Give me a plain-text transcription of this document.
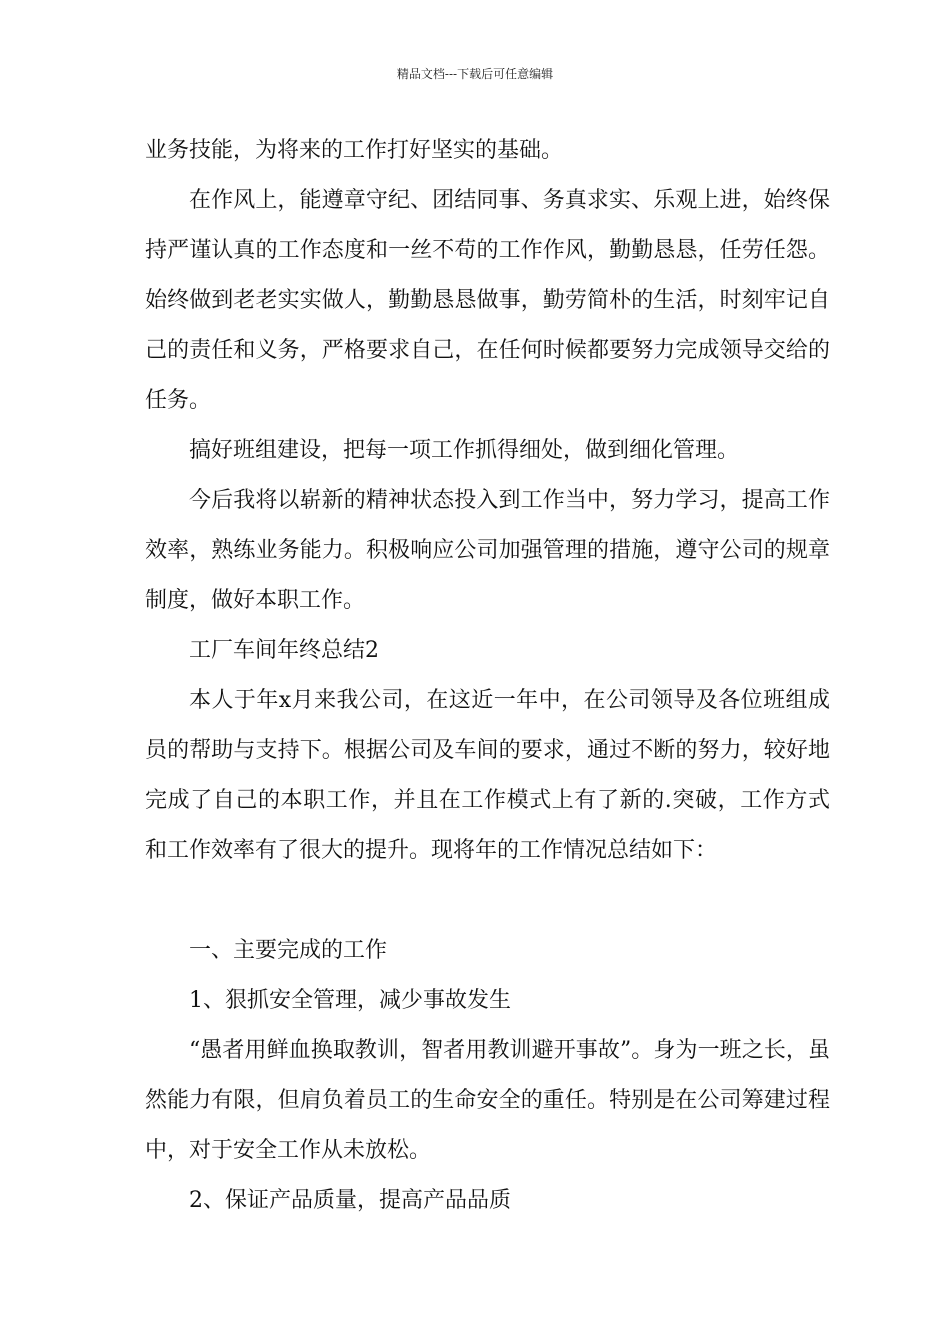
精品文档---下载后可任意编辑

业务技能，为将来的工作打好坚实的基础。

在作风上，能遵章守纪、团结同事、务真求实、乐观上进，始终保持严谨认真的工作态度和一丝不苟的工作作风，勤勤恳恳，任劳任怨。始终做到老老实实做人，勤勤恳恳做事，勤劳简朴的生活，时刻牢记自己的责任和义务，严格要求自己，在任何时候都要努力完成领导交给的任务。

搞好班组建设，把每一项工作抓得细处，做到细化管理。

今后我将以崭新的精神状态投入到工作当中，努力学习，提高工作效率，熟练业务能力。积极响应公司加强管理的措施，遵守公司的规章制度，做好本职工作。

工厂车间年终总结2

本人于年x月来我公司，在这近一年中，在公司领导及各位班组成员的帮助与支持下。根据公司及车间的要求，通过不断的努力，较好地完成了自己的本职工作，并且在工作模式上有了新的.突破，工作方式和工作效率有了很大的提升。现将年的工作情况总结如下：

一、主要完成的工作

1、狠抓安全管理，减少事故发生

“愚者用鲜血换取教训，智者用教训避开事故”。身为一班之长，虽然能力有限，但肩负着员工的生命安全的重任。特别是在公司筹建过程中，对于安全工作从未放松。

2、保证产品质量，提高产品品质
